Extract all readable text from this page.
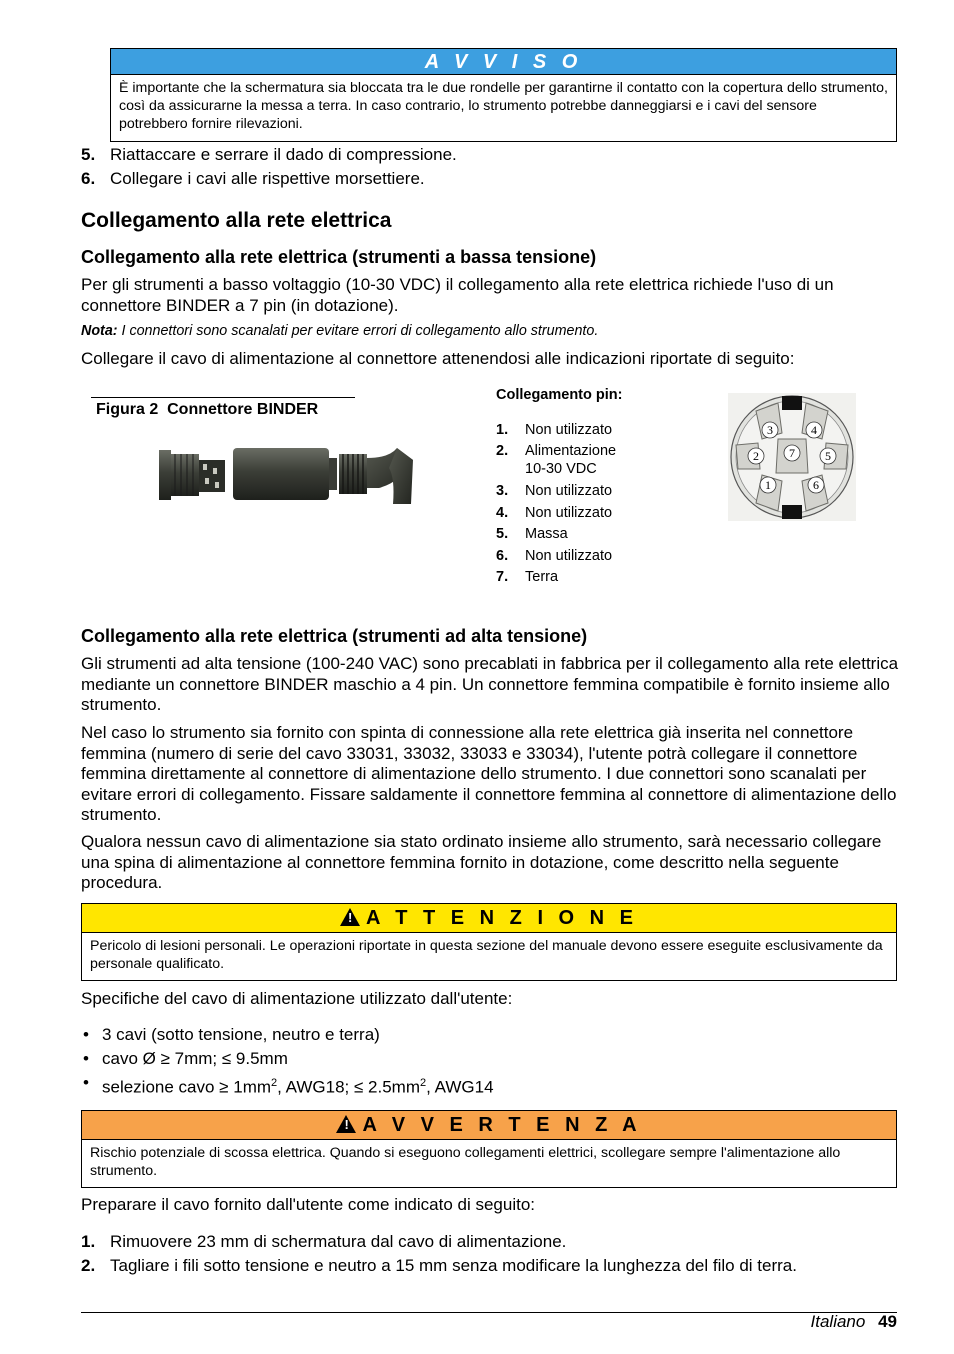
A V V I S O
È importante che la schermatura sia bloccata tra le due rondelle per garantirne il contatto con la copertura dello strumento, così da assicurarne la messa a terra. In caso contrario, lo strumento potrebbe danneggiarsi e i cavi del sensore potrebbero fornire rilevazioni.
5. Riattaccare e serrare il dado di compressione.
6. Collegare i cavi alle rispettive morsettiere.
Collegamento alla rete elettrica
Collegamento alla rete elettrica (strumenti a bassa tensione)
Per gli strumenti a basso voltaggio (10-30 VDC) il collegamento alla rete elettrica richiede l'uso di un connettore BINDER a 7 pin (in dotazione).
Nota: I connettori sono scanalati per evitare errori di collegamento allo strumento.
Collegare il cavo di alimentazione al connettore attenendosi alle indicazioni riportate di seguito:
Figura 2  Connettore BINDER
Collegamento pin:
1. Non utilizzato
2. Alimentazione
10-30 VDC
3. Non utilizzato
4. Non utilizzato
5. Massa
6. Non utilizzato
7. Terra
3	4
2	7	5
1	6
Collegamento alla rete elettrica (strumenti ad alta tensione)
Gli strumenti ad alta tensione (100-240 VAC) sono precablati in fabbrica per il collegamento alla rete elettrica mediante un connettore BINDER maschio a 4 pin. Un connettore femmina compatibile è fornito insieme allo strumento.
Nel caso lo strumento sia fornito con spinta di connessione alla rete elettrica già inserita nel connettore femmina (numero di serie del cavo 33031, 33032, 33033 e 33034), l'utente potrà collegare il connettore femmina direttamente al connettore di alimentazione dello strumento. I due connettori sono scanalati per evitare errori di collegamento. Fissare saldamente il connettore femmina al connettore di alimentazione dello strumento.
Qualora nessun cavo di alimentazione sia stato ordinato insieme allo strumento, sarà necessario collegare una spina di alimentazione al connettore femmina fornito in dotazione, come descritto nella seguente procedura.
!A T T E N Z I O N E
Pericolo di lesioni personali. Le operazioni riportate in questa sezione del manuale devono essere eseguite esclusivamente da personale qualificato.
Specifiche del cavo di alimentazione utilizzato dall'utente:
• 3 cavi (sotto tensione, neutro e terra)
• cavo Ø ≥ 7mm; ≤ 9.5mm
• selezione cavo ≥ $1mm^2$, AWG18; ≤ $2.5mm^2$, AWG14
!A V V E R T E N Z A
Rischio potenziale di scossa elettrica. Quando si eseguono collegamenti elettrici, scollegare sempre l'alimentazione allo strumento.
Preparare il cavo fornito dall'utente come indicato di seguito:
1. Rimuovere 23 mm di schermatura dal cavo di alimentazione.
2. Tagliare i fili sotto tensione e neutro a 15 mm senza modificare la lunghezza del filo di terra.
Italiano 49
